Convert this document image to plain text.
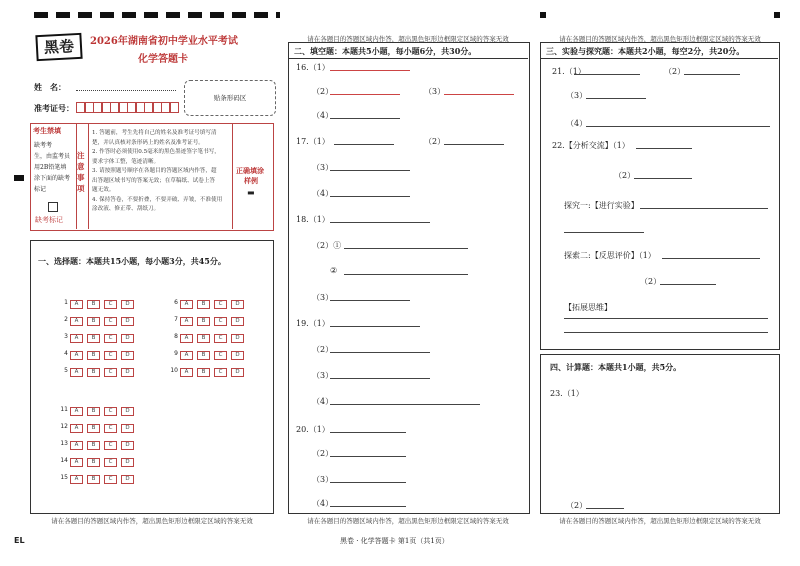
黑卷	2026年湖南省初中学业水平考试
化学答题卡
姓　名：
准考证号：
贴条形码区
考生禁填
缺考标记
注意事项
正确填涂
样例
▬
一、选择题：本题共15小题，每小题3分，共45分。
请在各题目的答题区域内作答，超出黑色矩形边框限定区域的答案无效
请在各题目的答题区域内作答，超出黑色矩形边框限定区域的答案无效
二、填空题：本题共5小题，每小题6分，共30分。
请在各题目的答题区域内作答，超出黑色矩形边框限定区域的答案无效
请在各题目的答题区域内作答，超出黑色矩形边框限定区域的答案无效
三、实验与探究题：本题共2小题，每空2分，共20分。
四、计算题：本题共1小题，共5分。
23.（1）
（2）
请在各题目的答题区域内作答，超出黑色矩形边框限定区域的答案无效
EL	黑卷 · 化学答题卡 第1页（共1页）
缺考考
生，由监考员
用2B铅笔填
涂下面的缺考
标记
1. 答题前，考生先将自己的姓名及准考证号填写清
楚，并认真核对条形码上的姓名及准考证号。
2. 作答时必须使用0.5毫米的黑色墨迹签字笔书写，
要求字体工整，笔迹清晰。
3. 请按照题号顺序在各题目的答题区域内作答，超
出答题区域书写的答案无效；在草稿纸、试卷上答
题无效。
4. 保持答卷，不要折叠，不要弄破、弄皱，不准使用
涂改液、修正带、刮纸刀。
1	A	B	C	D
2	A	B	C	D
3	A	B	C	D
4	A	B	C	D
5	A	B	C	D
6	A	B	C	D
7	A	B	C	D
8	A	B	C	D
9	A	B	C	D
10	A	B	C	D
11	A	B	C	D
12	A	B	C	D
13	A	B	C	D
14	A	B	C	D
15	A	B	C	D
16.（1）
（2）	（3）
（4）
17.（1）	（2）
（3）
（4）
18.（1）
（2）①
②
（3）
19.（1）
（2）
（3）
（4）
20.（1）
（2）
（3）
（4）
21.（1）	（2）
（3）
（4）
22.【分析交流】（1）
（2）
探究一:【进行实验】
探索二:【反思评价】（1）
（2）
【拓展思维】
